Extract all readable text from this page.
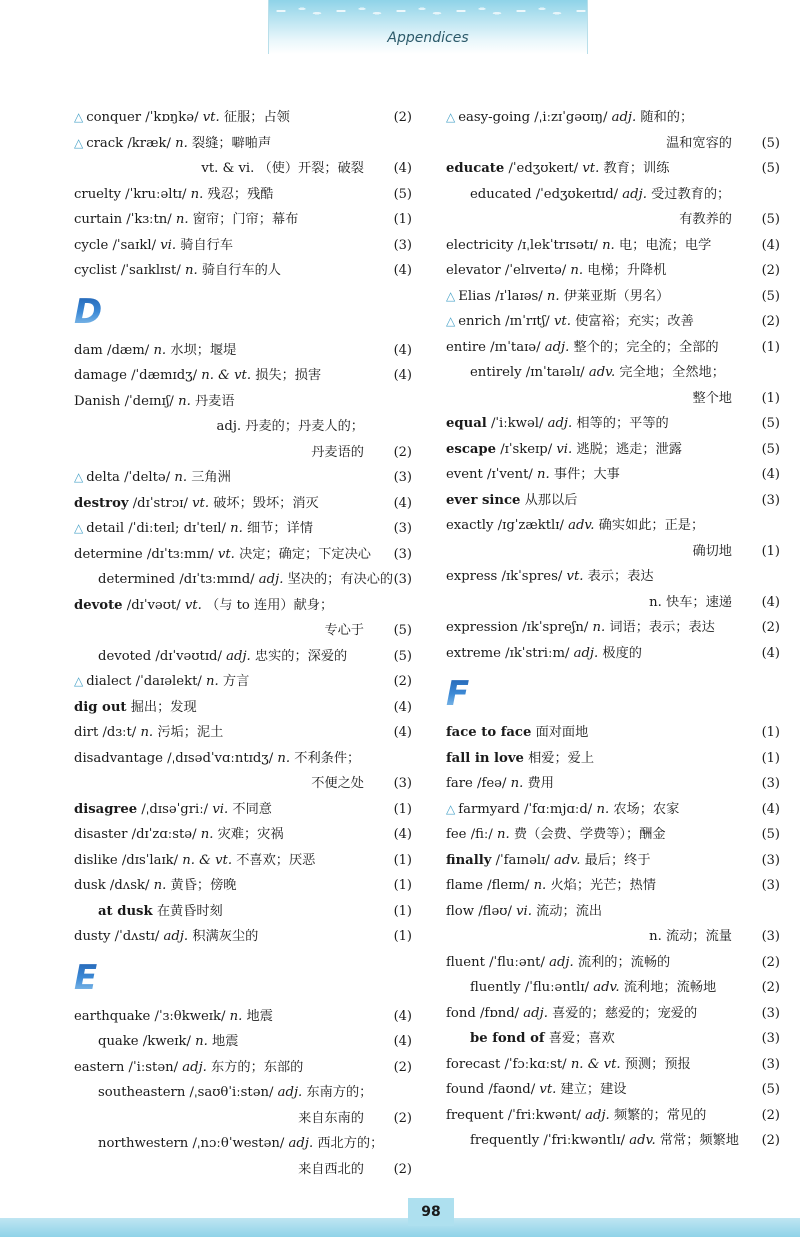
Appendices
△ conquer /ˈkɒŋkə/ vt. 征服；占领	(2)
△ crack /kræk/ n. 裂缝；噼啪声
vt. & vi. （使）开裂；破裂 (4)
cruelty /ˈkruːəltɪ/ n. 残忍；残酷	(5)
curtain /ˈkɜːtn/ n. 窗帘；门帘；幕布	(1)
cycle /ˈsaɪkl/ vi. 骑自行车	(3)
cyclist /ˈsaɪklɪst/ n. 骑自行车的人	(4)
D
dam /dæm/ n. 水坝；堰堤	(4)
damage /ˈdæmɪdʒ/ n. & vt. 损失；损害	(4)
Danish /ˈdeɪnɪʃ/ n. 丹麦语
adj. 丹麦的；丹麦人的；
丹麦语的 (2)
△ delta /ˈdeltə/ n. 三角洲	(3)
destroy /dɪˈstrɔɪ/ vt. 破坏；毁坏；消灭	(4)
△ detail /ˈdiːteɪl; dɪˈteɪl/ n. 细节；详情	(3)
determine /dɪˈtɜːmɪn/ vt. 决定；确定；下定决心 (3)
determined /dɪˈtɜːmɪnd/ adj. 坚决的；有决心的 (3)
devote /dɪˈvəʊt/ vt. （与 to 连用）献身；
专心于 (5)
devoted /dɪˈvəʊtɪd/ adj. 忠实的；深爱的	(5)
△ dialect /ˈdaɪəlekt/ n. 方言	(2)
dig out 掘出；发现	(4)
dirt /dɜːt/ n. 污垢；泥土	(4)
disadvantage /ˌdɪsədˈvɑːntɪdʒ/ n. 不利条件；
不便之处 (3)
disagree /ˌdɪsəˈgriː/ vi. 不同意	(1)
disaster /dɪˈzɑːstə/ n. 灾难；灾祸	(4)
dislike /dɪsˈlaɪk/ n. & vt. 不喜欢；厌恶	(1)
dusk /dʌsk/ n. 黄昏；傍晚	(1)
at dusk 在黄昏时刻	(1)
dusty /ˈdʌstɪ/ adj. 积满灰尘的	(1)
E
earthquake /ˈɜːθkweɪk/ n. 地震	(4)
quake /kweɪk/ n. 地震	(4)
eastern /ˈiːstən/ adj. 东方的；东部的	(2)
southeastern /ˌsaʊθˈiːstən/ adj. 东南方的；
来自东南的 (2)
northwestern /ˌnɔːθˈwestən/ adj. 西北方的；
来自西北的 (2)
△ easy-going /ˌiːzɪˈgəʊɪŋ/ adj. 随和的；
温和宽容的 (5)
educate /ˈedʒʊkeɪt/ vt. 教育；训练	(5)
educated /ˈedʒʊkeɪtɪd/ adj. 受过教育的；
有教养的 (5)
electricity /ɪˌlekˈtrɪsətɪ/ n. 电；电流；电学	(4)
elevator /ˈelɪveɪtə/ n. 电梯；升降机	(2)
△ Elias /ɪˈlaɪəs/ n. 伊莱亚斯（男名）	(5)
△ enrich /ɪnˈrɪtʃ/ vt. 使富裕；充实；改善	(2)
entire /ɪnˈtaɪə/ adj. 整个的；完全的；全部的	(1)
entirely /ɪnˈtaɪəlɪ/ adv. 完全地；全然地；
整个地 (1)
equal /ˈiːkwəl/ adj. 相等的；平等的	(5)
escape /ɪˈskeɪp/ vi. 逃脱；逃走；泄露	(5)
event /ɪˈvent/ n. 事件；大事	(4)
ever since 从那以后	(3)
exactly /ɪgˈzæktlɪ/ adv. 确实如此；正是；
确切地 (1)
express /ɪkˈspres/ vt. 表示；表达
n. 快车；速递 (4)
expression /ɪkˈspreʃn/ n. 词语；表示；表达	(2)
extreme /ɪkˈstriːm/ adj. 极度的	(4)
F
face to face 面对面地	(1)
fall in love 相爱；爱上	(1)
fare /feə/ n. 费用	(3)
△ farmyard /ˈfɑːmjɑːd/ n. 农场；农家	(4)
fee /fiː/ n. 费（会费、学费等）；酬金	(5)
finally /ˈfaɪnəlɪ/ adv. 最后；终于	(3)
flame /fleɪm/ n. 火焰；光芒；热情	(3)
flow /fləʊ/ vi. 流动；流出
n. 流动；流量 (3)
fluent /ˈfluːənt/ adj. 流利的；流畅的	(2)
fluently /ˈfluːəntlɪ/ adv. 流利地；流畅地	(2)
fond /fɒnd/ adj. 喜爱的；慈爱的；宠爱的	(3)
be fond of 喜爱；喜欢	(3)
forecast /ˈfɔːkɑːst/ n. & vt. 预测；预报	(3)
found /faʊnd/ vt. 建立；建设	(5)
frequent /ˈfriːkwənt/ adj. 频繁的；常见的	(2)
frequently /ˈfriːkwəntlɪ/ adv. 常常；频繁地 (2)
98
